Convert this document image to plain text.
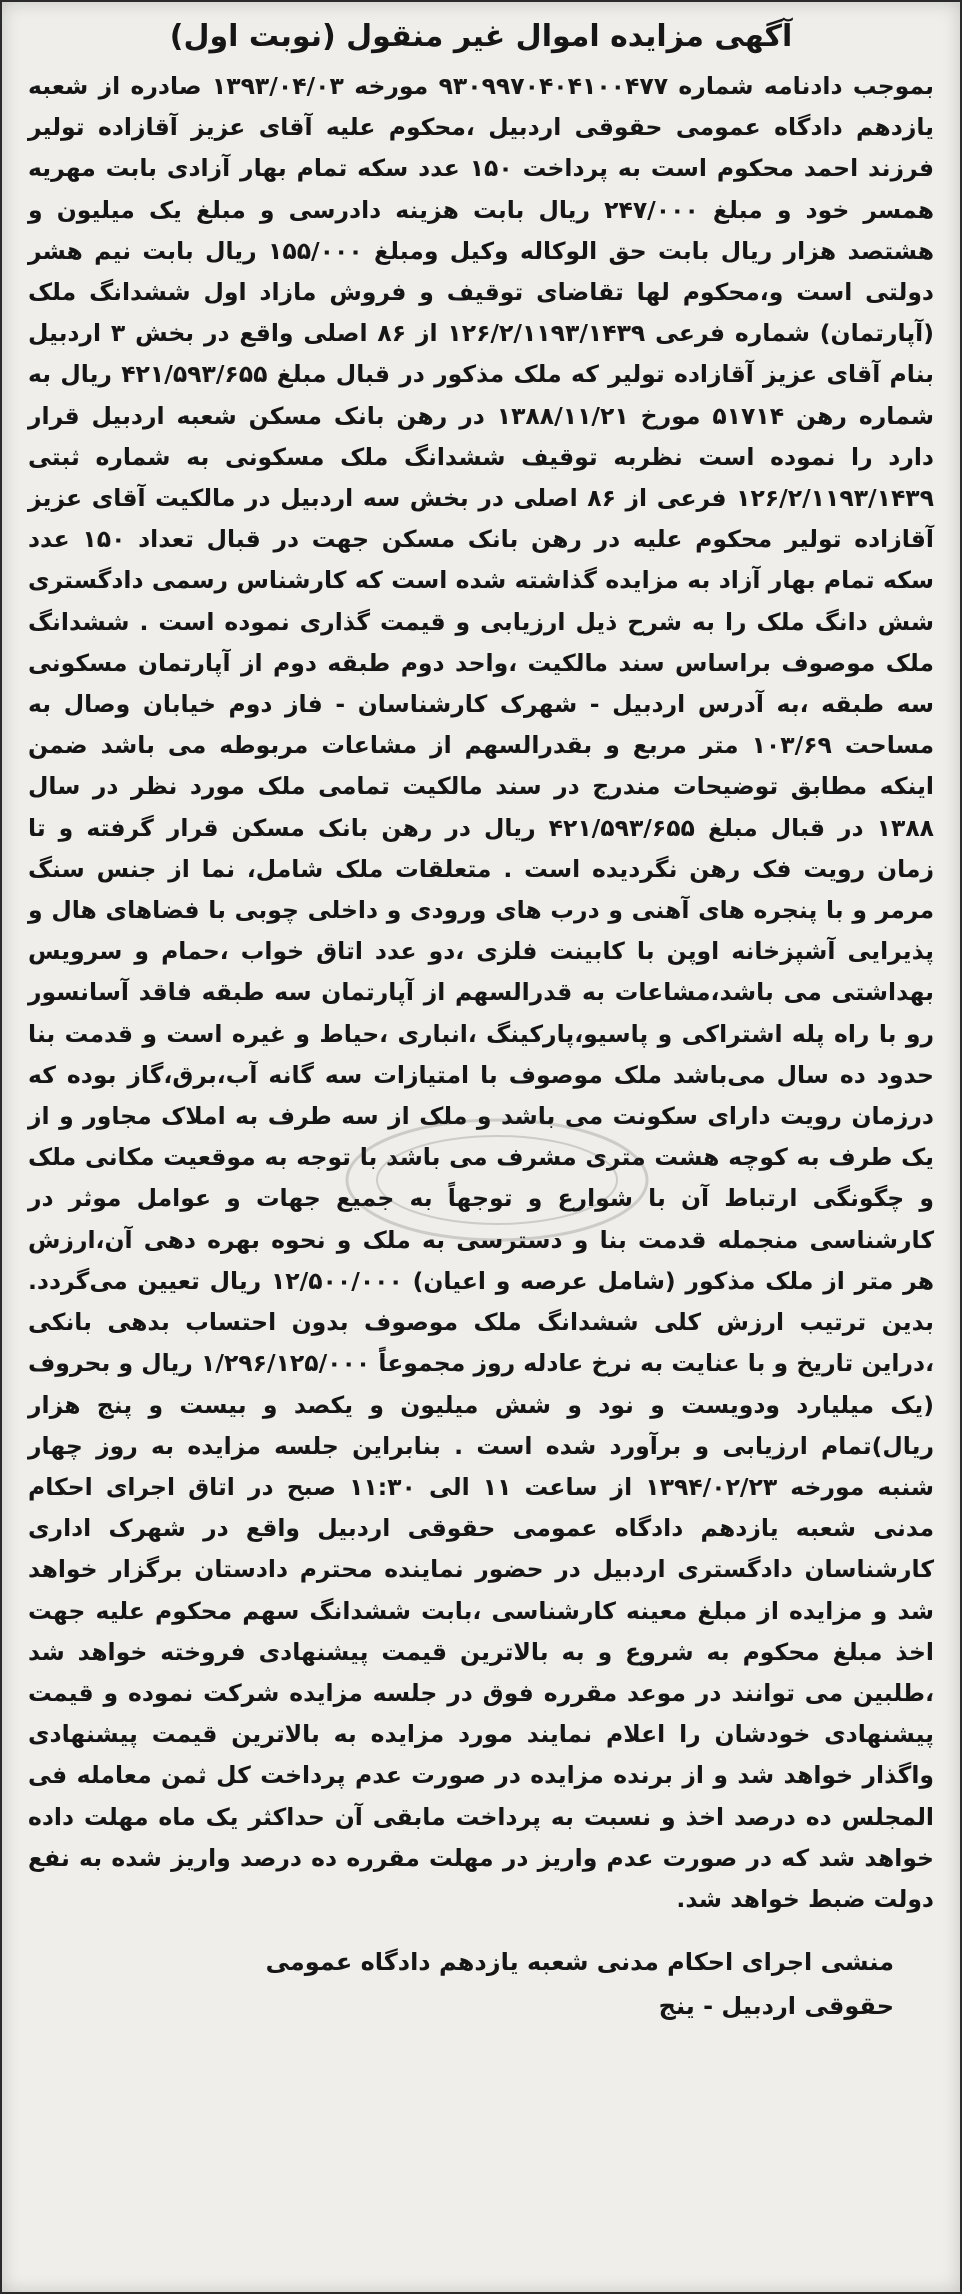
آگهی مزایده اموال غیر منقول (نوبت اول)

بموجب دادنامه شماره ۹۳۰۹۹۷۰۴۰۴۱۰۰۴۷۷ مورخه ۱۳۹۳/۰۴/۰۳ صادره از شعبه یازدهم دادگاه عمومی حقوقی اردبیل ،محکوم علیه آقای عزیز آقازاده تولیر فرزند احمد محکوم است به پرداخت ۱۵۰ عدد سکه تمام بهار آزادی بابت مهریه همسر خود و مبلغ ۲۴۷/۰۰۰ ریال بابت هزینه دادرسی و مبلغ یک میلیون و هشتصد هزار ریال بابت حق الوکاله وکیل ومبلغ ۱۵۵/۰۰۰ ریال بابت نیم هشر دولتی است و،محکوم لها تقاضای توقیف و فروش مازاد اول ششدانگ ملک (آپارتمان) شماره فرعی ۱۲۶/۲/۱۱۹۳/۱۴۳۹ از ۸۶ اصلی واقع در بخش ۳ اردبیل بنام آقای عزیز آقازاده تولیر که ملک مذکور در قبال مبلغ ۴۲۱/۵۹۳/۶۵۵ ریال به شماره رهن ۵۱۷۱۴ مورخ ۱۳۸۸/۱۱/۲۱ در رهن بانک مسکن شعبه اردبیل قرار دارد را نموده است نظربه توقیف ششدانگ ملک مسکونی به شماره ثبتی ۱۲۶/۲/۱۱۹۳/۱۴۳۹ فرعی از ۸۶ اصلی در بخش سه اردبیل در مالکیت آقای عزیز آقازاده تولیر محکوم علیه در رهن بانک مسکن جهت در قبال تعداد ۱۵۰ عدد سکه تمام بهار آزاد به مزایده گذاشته شده است که کارشناس رسمی دادگستری شش دانگ ملک را به شرح ذیل ارزیابی و قیمت گذاری نموده است . ششدانگ ملک موصوف براساس سند مالکیت ،واحد دوم طبقه دوم از آپارتمان مسکونی سه طبقه ،به آدرس اردبیل - شهرک کارشناسان - فاز دوم خیابان وصال به مساحت ۱۰۳/۶۹ متر مربع و بقدرالسهم از مشاعات مربوطه می باشد ضمن اینکه مطابق توضیحات مندرج در سند مالکیت تمامی ملک مورد نظر در سال ۱۳۸۸ در قبال مبلغ ۴۲۱/۵۹۳/۶۵۵ ریال در رهن بانک مسکن قرار گرفته و تا زمان رویت فک رهن نگردیده است . متعلقات ملک شامل، نما از جنس سنگ مرمر و با پنجره های آهنی و درب های ورودی و داخلی چوبی با فضاهای هال و پذیرایی آشپزخانه اوپن با کابینت فلزی ،دو عدد اتاق خواب ،حمام و سرویس بهداشتی می باشد،مشاعات به قدرالسهم از آپارتمان سه طبقه فاقد آسانسور رو با راه پله اشتراکی و پاسیو،پارکینگ ،انباری ،حیاط و غیره است و قدمت بنا حدود ده سال می‌باشد ملک موصوف با امتیازات سه گانه آب،برق،گاز بوده که درزمان رویت دارای سکونت می باشد و ملک از سه طرف به املاک مجاور و از یک طرف به کوچه هشت متری مشرف می باشد با توجه به موقعیت مکانی ملک و چگونگی ارتباط آن با شوارع و توجهاً به جمیع جهات و عوامل موثر در کارشناسی منجمله قدمت بنا و دسترسی به ملک و نحوه بهره دهی آن،ارزش هر متر از ملک مذکور (شامل عرصه و اعیان) ۱۲/۵۰۰/۰۰۰ ریال تعیین می‌گردد. بدین ترتیب ارزش کلی ششدانگ ملک موصوف بدون احتساب بدهی بانکی ،دراین تاریخ و با عنایت به نرخ عادله روز مجموعاً ۱/۲۹۶/۱۲۵/۰۰۰ ریال و بحروف (یک میلیارد ودویست و نود و شش میلیون و یکصد و بیست و پنج هزار ریال)تمام ارزیابی و برآورد شده است . بنابراین جلسه مزایده به روز چهار شنبه مورخه ۱۳۹۴/۰۲/۲۳ از ساعت ۱۱ الی ۱۱:۳۰ صبح در اتاق اجرای احکام مدنی شعبه یازدهم دادگاه عمومی حقوقی اردبیل واقع در شهرک اداری کارشناسان دادگستری اردبیل در حضور نماینده محترم دادستان برگزار خواهد شد و مزایده از مبلغ معینه کارشناسی ،بابت ششدانگ سهم محکوم علیه جهت اخذ مبلغ محکوم به شروع و به بالاترین قیمت پیشنهادی فروخته خواهد شد ،طلبین می توانند در موعد مقرره فوق در جلسه مزایده شرکت نموده و قیمت پیشنهادی خودشان را اعلام نمایند مورد مزایده به بالاترین قیمت پیشنهادی واگذار خواهد شد و از برنده مزایده در صورت عدم پرداخت کل ثمن معامله فی المجلس ده درصد اخذ و نسبت به پرداخت مابقی آن حداکثر یک ماه مهلت داده خواهد شد که در صورت عدم واریز در مهلت مقرره ده درصد واریز شده به نفع دولت ضبط خواهد شد.

منشی اجرای احکام مدنی شعبه یازدهم دادگاه عمومی
حقوقی اردبیل - ینج
